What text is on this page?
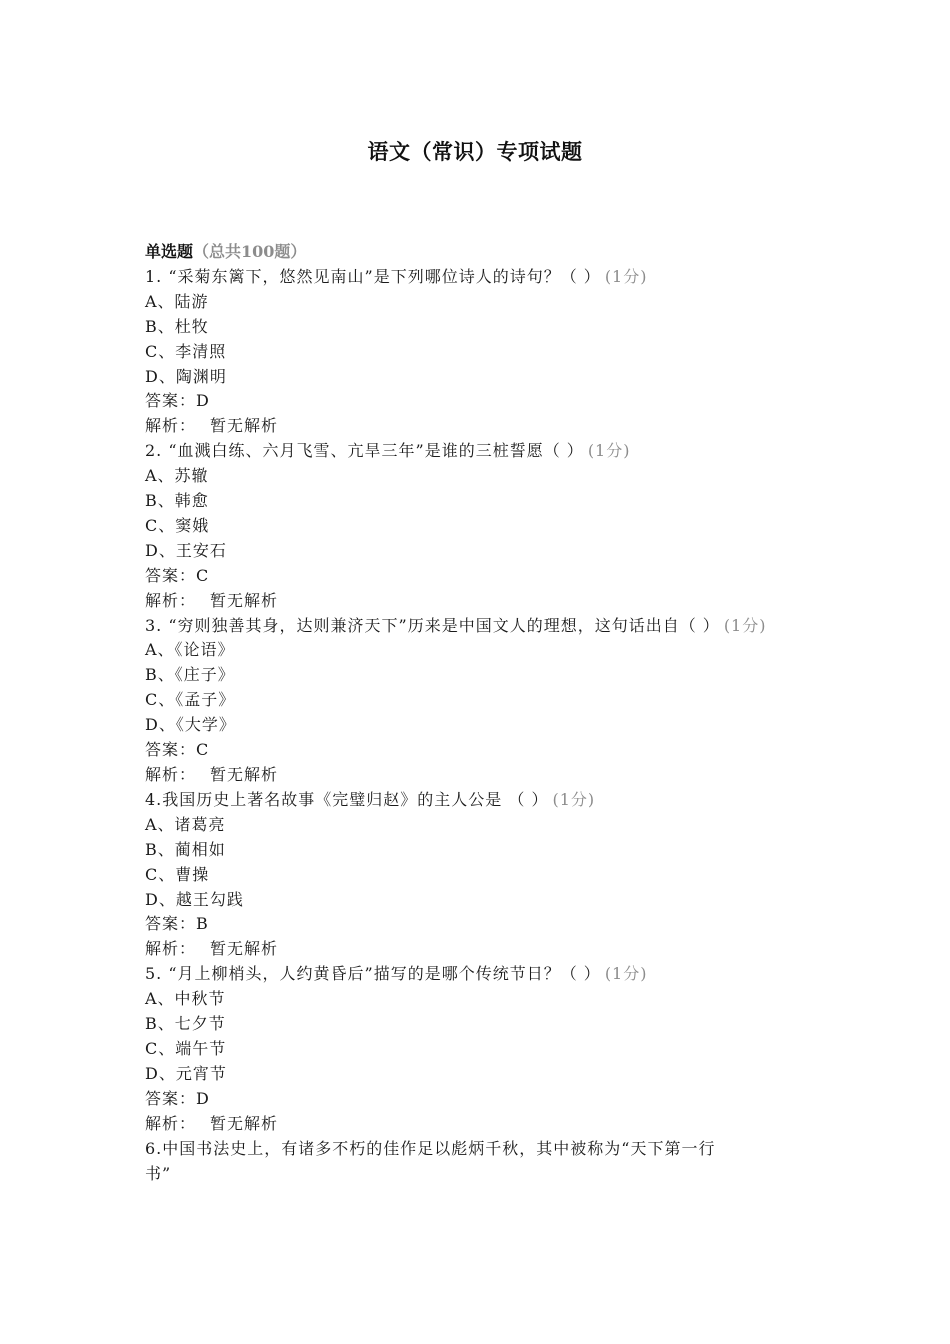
语文（常识）专项试题
单选题（总共100题）
1. “采菊东篱下，悠然见南山”是下列哪位诗人的诗句？（ ） (1分)
A、陆游
B、杜牧
C、李清照
D、陶渊明
答案：D
解析： 暂无解析
2. “血溅白练、六月飞雪、亢旱三年”是谁的三桩誓愿（ ） (1分)
A、苏辙
B、韩愈
C、窦娥
D、王安石
答案：C
解析： 暂无解析
3. “穷则独善其身，达则兼济天下”历来是中国文人的理想，这句话出自（ ） (1分)
A、《论语》
B、《庄子》
C、《孟子》
D、《大学》
答案：C
解析： 暂无解析
4.我国历史上著名故事《完璧归赵》的主人公是 （ ） (1分)
A、诸葛亮
B、蔺相如
C、曹操
D、越王勾践
答案：B
解析： 暂无解析
5. “月上柳梢头，人约黄昏后”描写的是哪个传统节日？（ ） (1分)
A、中秋节
B、七夕节
C、端午节
D、元宵节
答案：D
解析： 暂无解析
6.中国书法史上，有诸多不朽的佳作足以彪炳千秋，其中被称为“天下第一行
书”
